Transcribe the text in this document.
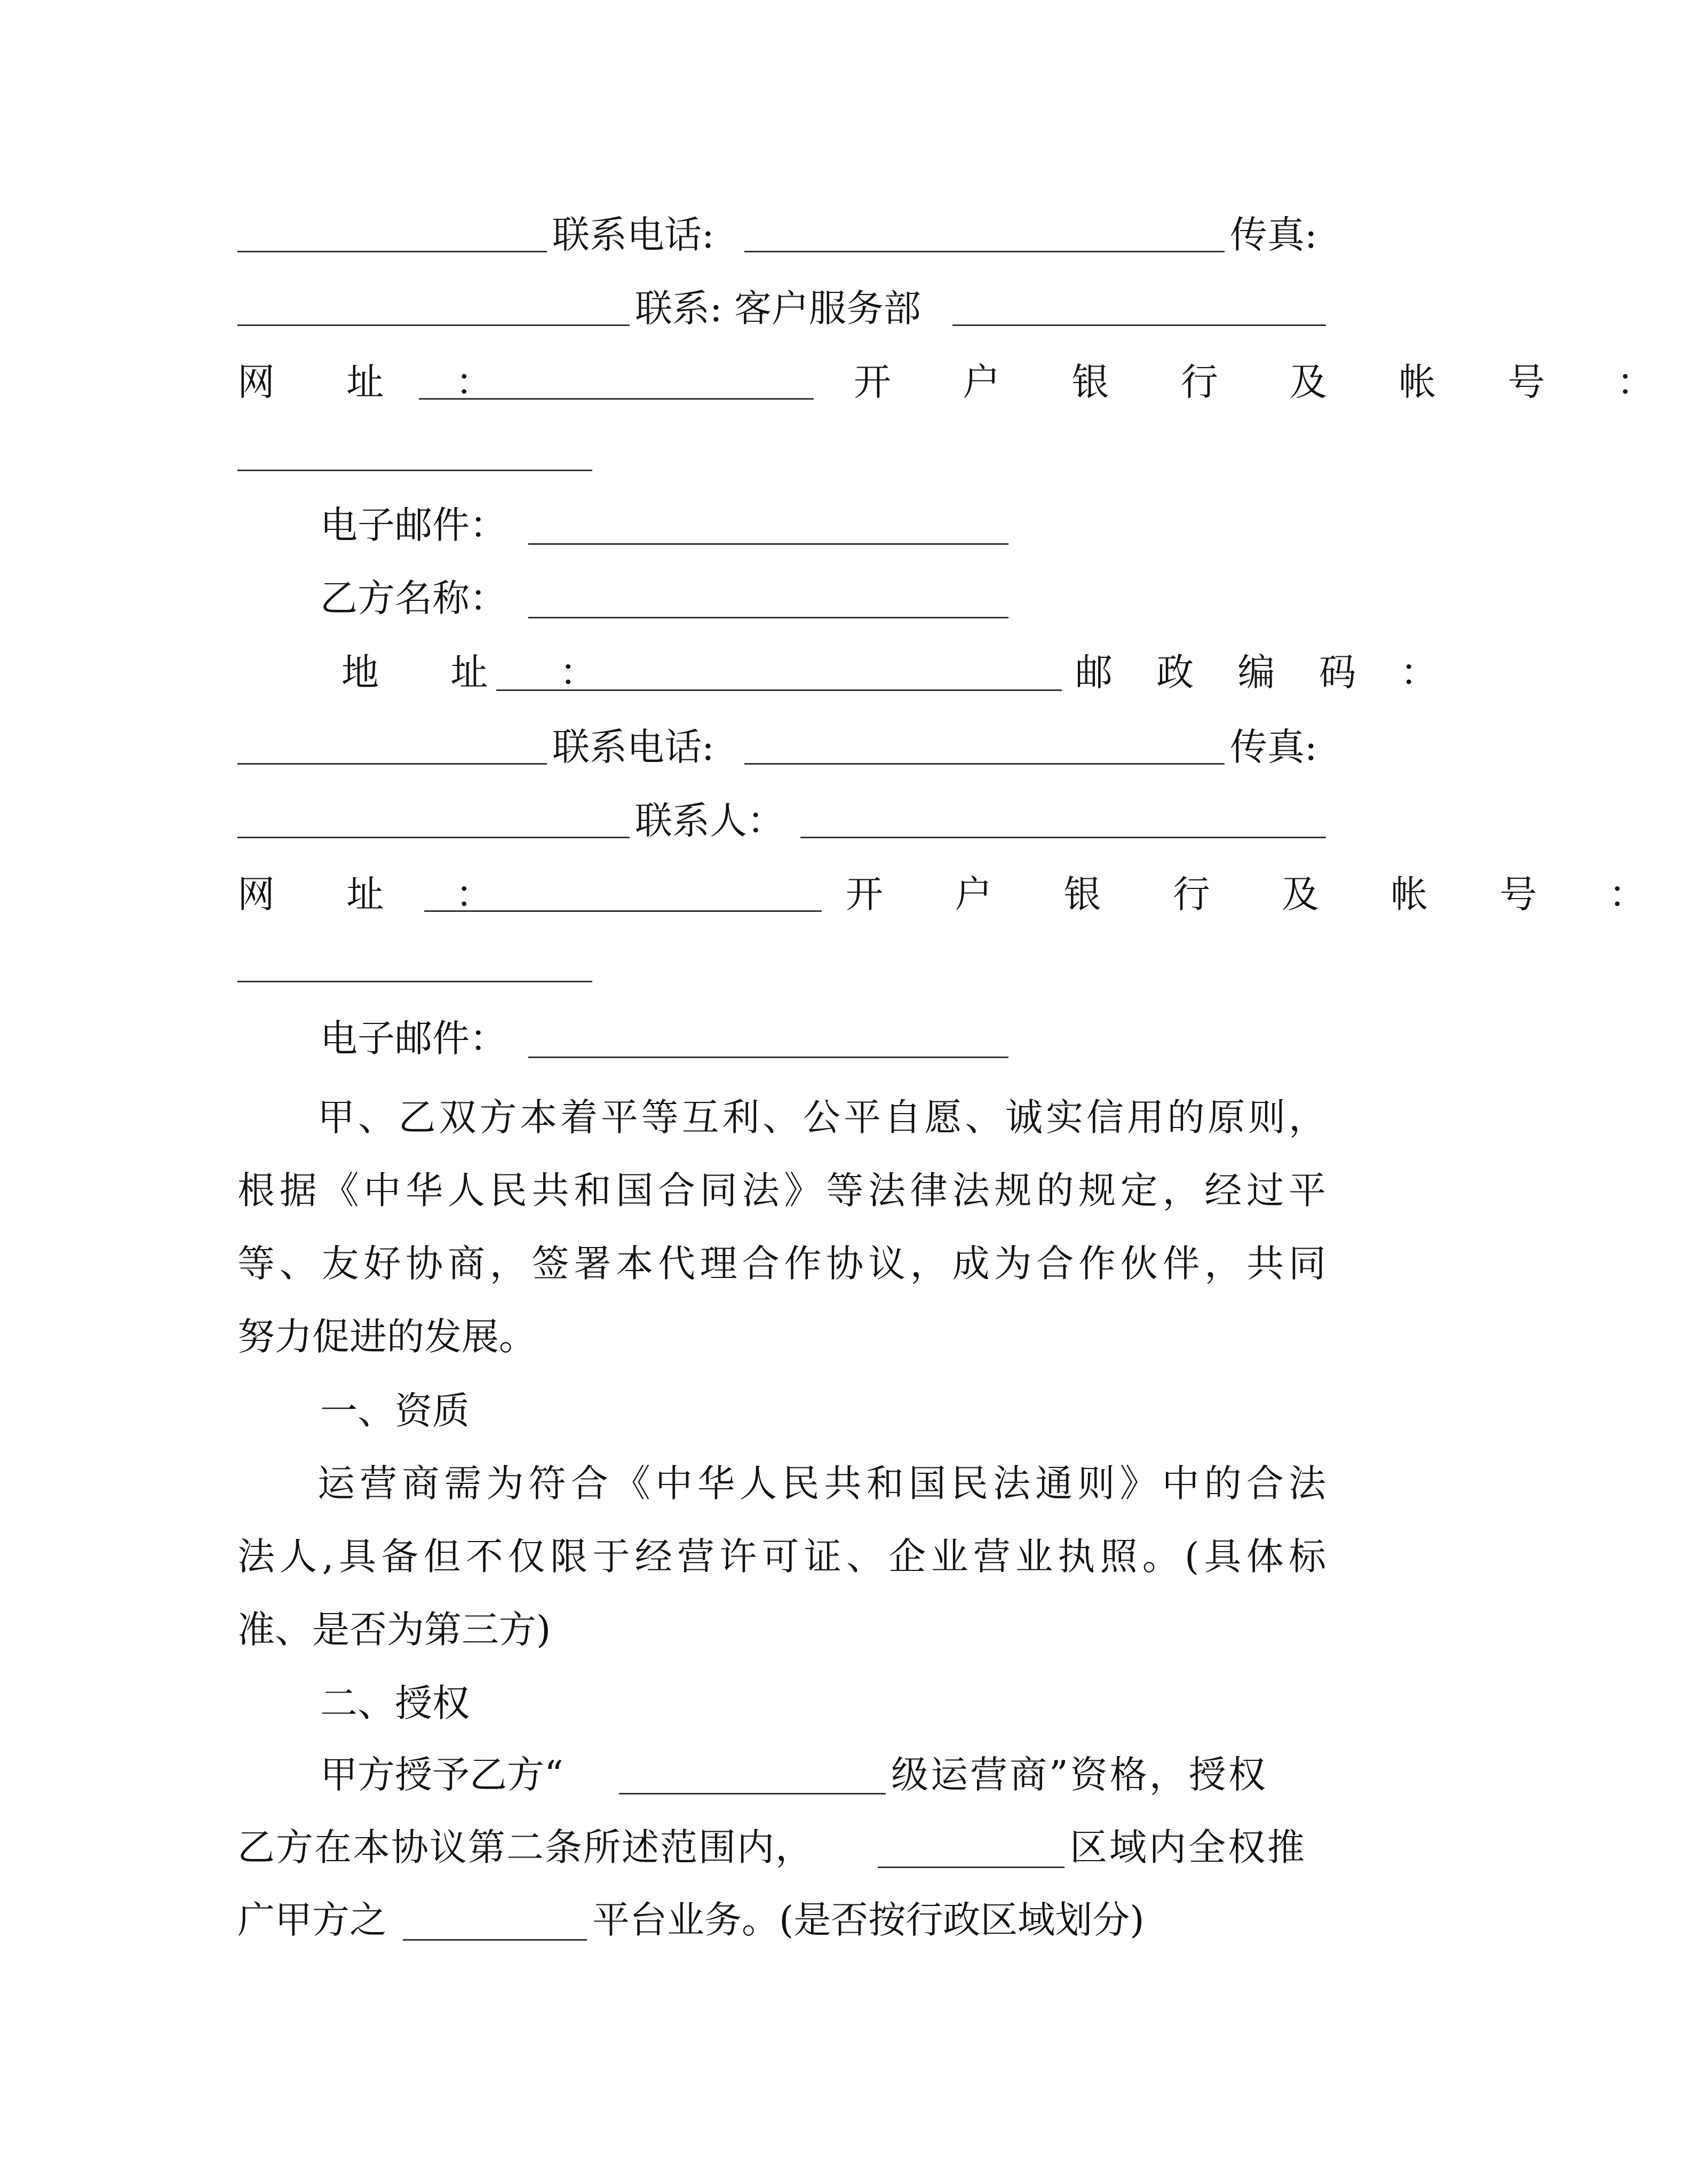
联系电话:	传真:
联系: 客户服务部
网 址 ：	开 户 银 行 及 帐 号 ：
电子邮件：
乙方名称：
地 址 ：	邮 政 编 码 ：
联系电话:	传真:
联系人：
网 址 ：	开 户 银 行 及 帐 号 ：
电子邮件：
甲、乙双方本着平等互利、公平自愿、诚实信用的原则，
根据《中华人民共和国合同法》等法律法规的规定，经过平
等、友好协商，签署本代理合作协议，成为合作伙伴，共同
努力促进的发展。
一、资质
运营商需为符合《中华人民共和国民法通则》中的合法
法人,具备但不仅限于经营许可证、企业营业执照。(具体标
准、是否为第三方)
二、授权
甲方授予乙方“	级运营商”资格，授权
乙方在本协议第二条所述范围内，	区域内全权推
广甲方之	平台业务。(是否按行政区域划分)
